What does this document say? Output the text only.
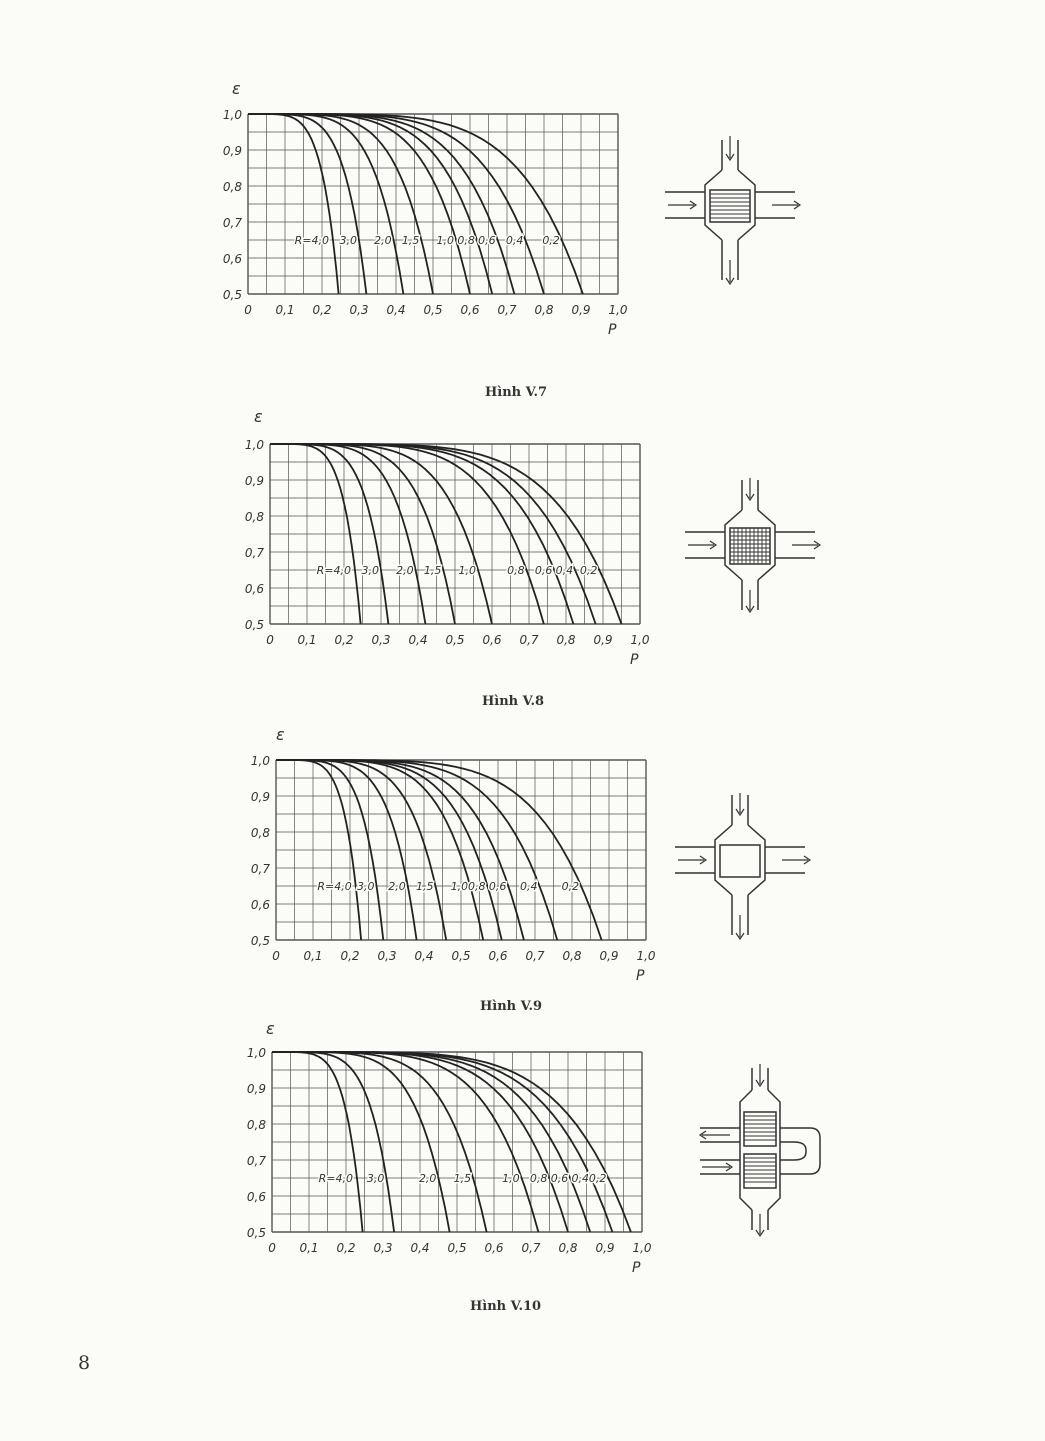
ε
0,5
0,6
0,7
0,8
0,9
1,0
0 0,1 0,2 0,3 0,4 0,5 0,6 0,7 0,8 0,9 1,0
R=4,0 3,0 2,0 1,5 1,0 0,8 0,6 0,4 0,2
P
Hình V.7
ε
0,5
0,6
0,7
0,8
0,9
1,0
0 0,1 0,2 0,3 0,4 0,5 0,6 0,7 0,8 0,9 1,0
R=4,0 3,0 2,0 1,5 1,0	0,8 0,6 0,4 0,2
P
Hình V.8
ε
0,5
0,6
0,7
0,8
0,9
1,0
0 0,1 0,2 0,3 0,4 0,5 0,6 0,7 0,8 0,9 1,0
R=4,0 3,0 2,0 1,5 1,0 0,8 0,6 0,4 0,2
P
Hình V.9
ε
0,5
0,6
0,7
0,8
0,9
1,0
0 0,1 0,2 0,3 0,4 0,5 0,6 0,7 0,8 0,9 1,0
R=4,0 3,0	2,0 1,5	1,0 0,8 0,6 0,4 0,2
P
Hình V.10
8
